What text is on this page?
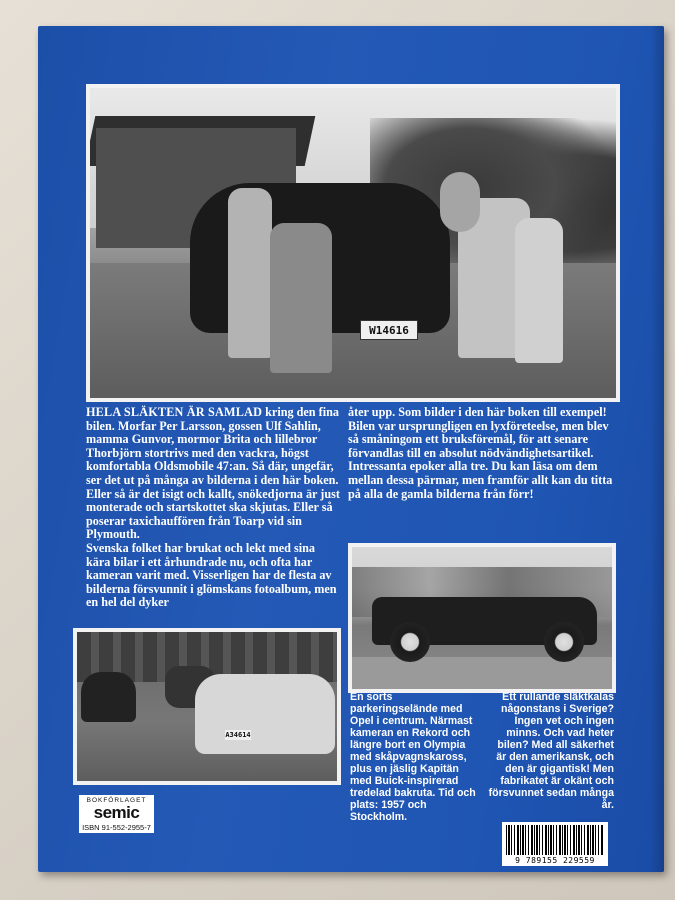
W14616

HELA SLÄKTEN ÄR SAMLAD kring den fina bilen. Morfar Per Larsson, gossen Ulf Sahlin, mamma Gunvor, mormor Brita och lillebror Thorbjörn stortrivs med den vackra, högst komfortabla Oldsmobile 47:an. Så där, ungefär, ser det ut på många av bilderna i den här boken.

Eller så är det isigt och kallt, snökedjorna är just monterade och startskottet ska skjutas. Eller så poserar taxichauffören från Toarp vid sin Plymouth.

Svenska folket har brukat och lekt med sina kära bilar i ett århundrade nu, och ofta har kameran varit med. Visserligen har de flesta av bilderna försvunnit i glömskans fotoalbum, men en hel del dyker

åter upp. Som bilder i den här boken till exempel!

Bilen var ursprungligen en lyxföreteelse, men blev så småningom ett bruksföremål, för att senare förvandlas till en absolut nödvändighetsartikel. Intressanta epoker alla tre. Du kan läsa om dem mellan dessa pärmar, men framför allt kan du titta på alla de gamla bilderna från förr!

A34614

En sorts parkeringselände med Opel i centrum. Närmast kameran en Rekord och längre bort en Olympia med skåpvagnskaross, plus en jäslig Kapitän med Buick-inspirerad tredelad bakruta. Tid och plats: 1957 och Stockholm.

Ett rullande släktkalas någonstans i Sverige? Ingen vet och ingen minns. Och vad heter bilen? Med all säkerhet är den amerikansk, och den är gigantisk! Men fabrikatet är okänt och försvunnet sedan många år.

BOKFÖRLAGET
semic
ISBN 91-552-2955-7
9 789155 229559
